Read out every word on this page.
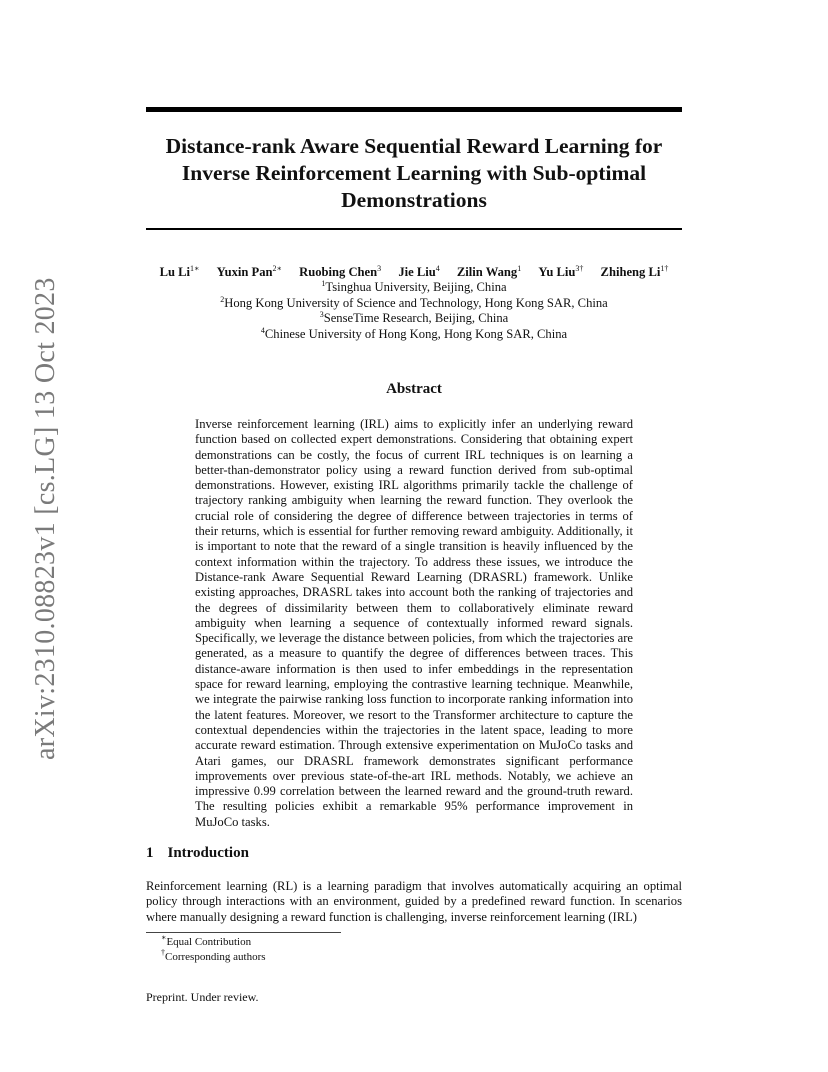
arXiv:2310.08823v1 [cs.LG] 13 Oct 2023
Distance-rank Aware Sequential Reward Learning for
Inverse Reinforcement Learning with Sub-optimal
Demonstrations
Lu $Li^{1∗}$ Yuxin Pan$^{2∗}$ Ruobing Chen$^3$ Jie Liu$^4$ Zilin Wang$^1$ Yu Liu$^{3\dagger}$ Zhiheng $Li^{1\dagger}$
$^1$Tsinghua University, Beijing, China
$^2$Hong Kong University of Science and Technology, Hong Kong SAR, China
$^3$SenseTime Research, Beijing, China
$^4$Chinese University of Hong Kong, Hong Kong SAR, China
Abstract

Inverse reinforcement learning (IRL) aims to explicitly infer an underlying reward function based on collected expert demonstrations. Considering that obtaining expert demonstrations can be costly, the focus of current IRL techniques is on learning a better-than-demonstrator policy using a reward function derived from sub-optimal demonstrations. However, existing IRL algorithms primarily tackle the challenge of trajectory ranking ambiguity when learning the reward function. They overlook the crucial role of considering the degree of difference between trajectories in terms of their returns, which is essential for further removing reward ambiguity. Additionally, it is important to note that the reward of a single transition is heavily influenced by the context information within the trajectory. To address these issues, we introduce the Distance-rank Aware Sequential Reward Learning (DRASRL) framework. Unlike existing approaches, DRASRL takes into account both the ranking of trajectories and the degrees of dissimilarity between them to collaboratively eliminate reward ambiguity when learning a sequence of contextually informed reward signals. Specifically, we leverage the distance between policies, from which the trajectories are generated, as a measure to quantify the degree of differences between traces. This distance-aware information is then used to infer embeddings in the representation space for reward learning, employing the contrastive learning technique. Meanwhile, we integrate the pairwise ranking loss function to incorporate ranking information into the latent features. Moreover, we resort to the Transformer architecture to capture the contextual dependencies within the trajectories in the latent space, leading to more accurate reward estimation. Through extensive experimentation on MuJoCo tasks and Atari games, our DRASRL framework demonstrates significant performance improvements over previous state-of-the-art IRL methods. Notably, we achieve an impressive 0.99 correlation between the learned reward and the ground-truth reward. The resulting policies exhibit a remarkable 95% performance improvement in MuJoCo tasks.

1 Introduction

Reinforcement learning (RL) is a learning paradigm that involves automatically acquiring an optimal policy through interactions with an environment, guided by a predefined reward function. In scenarios where manually designing a reward function is challenging, inverse reinforcement learning (IRL)

∗Equal Contribution
†Corresponding authors
Preprint. Under review.
